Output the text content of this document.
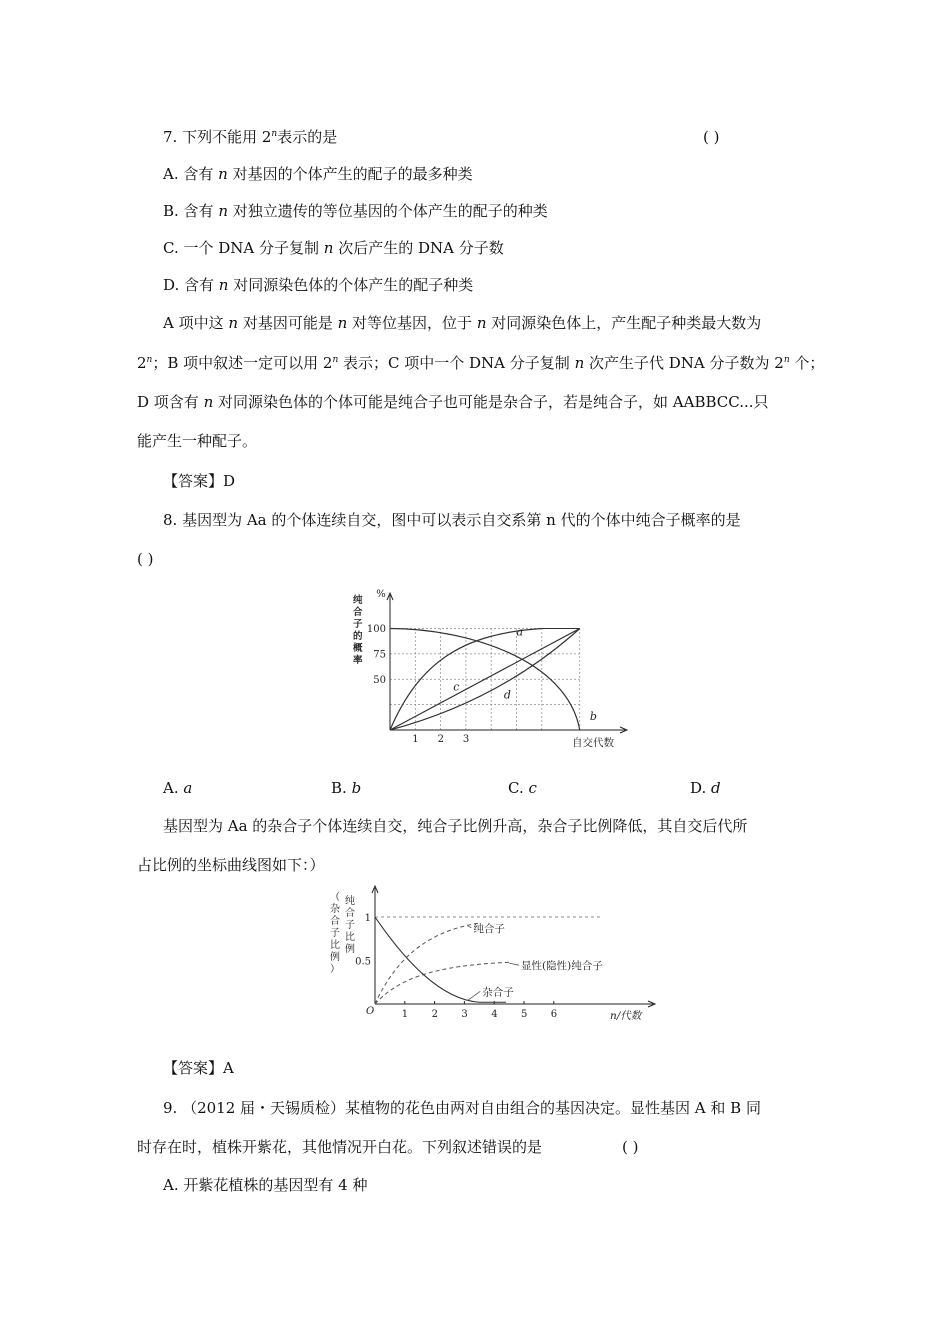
7. 下列不能用 2$^n$表示的是	( )
A. 含有 n 对基因的个体产生的配子的最多种类
B. 含有 n 对独立遗传的等位基因的个体产生的配子的种类
C. 一个 DNA 分子复制 n 次后产生的 DNA 分子数
D. 含有 n 对同源染色体的个体产生的配子种类
A 项中这 n 对基因可能是 n 对等位基因，位于 n 对同源染色体上，产生配子种类最大数为
2$^n$；B 项中叙述一定可以用 2$^n$ 表示；C 项中一个 DNA 分子复制 n 次产生子代 DNA 分子数为 2$^n$ 个；
D 项含有 n 对同源染色体的个体可能是纯合子也可能是杂合子，若是纯合子，如 AABBCC...只
能产生一种配子。
【答案】D
8. 基因型为 Aa 的个体连续自交，图中可以表示自交系第 n 代的个体中纯合子概率的是
( )
%
纯合子的概率
100
75
50
1 2 3
a
b
c
d
自交代数
A. a	B. b	C. c	D. d
基因型为 Aa 的杂合子个体连续自交，纯合子比例升高，杂合子比例降低，其自交后代所
占比例的坐标曲线图如下：）
（杂合子比例）
纯合子比例
1
0.5
1 2 3 4 5 6
纯合子
显性(隐性)纯合子
杂合子
O	n/代数
【答案】A
9. （2012 届・天锡质检）某植物的花色由两对自由组合的基因决定。显性基因 A 和 B 同
时存在时，植株开紫花，其他情况开白花。下列叙述错误的是	( )
A. 开紫花植株的基因型有 4 种
